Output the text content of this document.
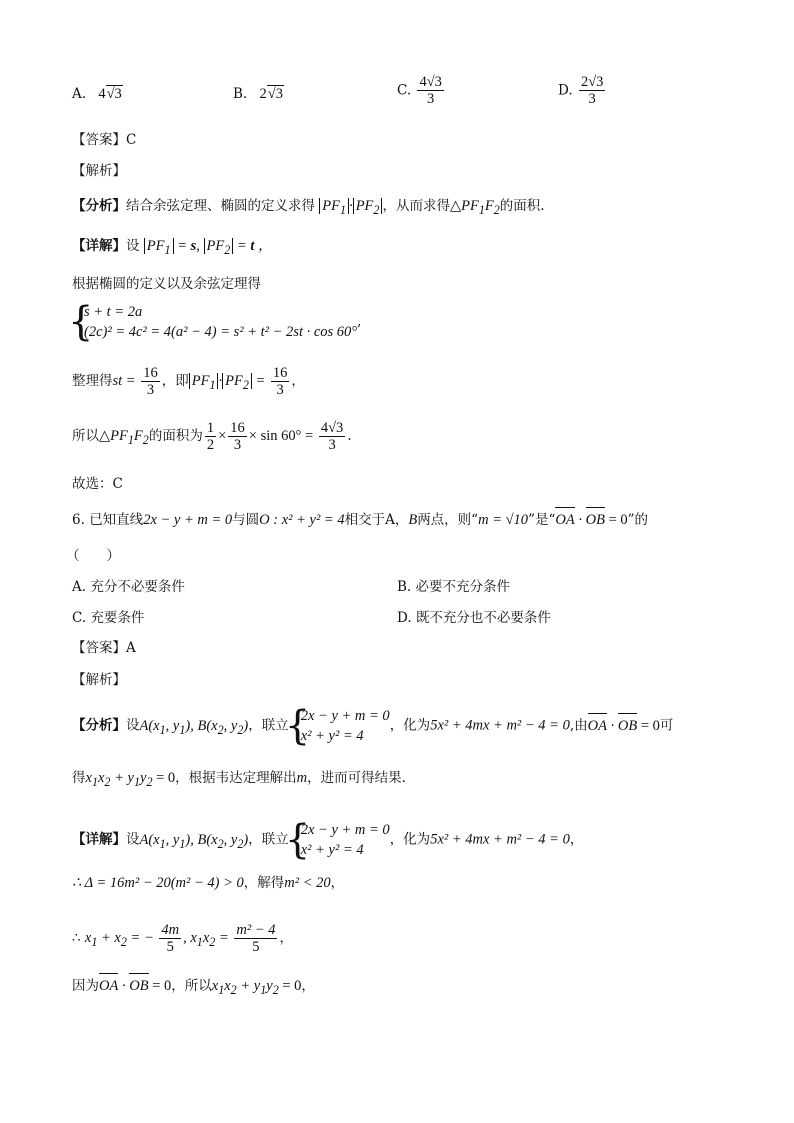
A. 4√3	B. 2√3	C. $\frac{4√3}{3}$	D. $\frac{2√3}{3}$
【答案】C
【解析】
【分析】结合余弦定理、椭圆的定义求得 $PF_1 \cdot PF_2$ ，从而求得$\triangle PF_1F_2$的面积.
【详解】设 $PF_1 = s$, $PF_2 = t$ ，
根据椭圆的定义以及余弦定理得
{
s + t = 2a
(2c)² = 4c² = 4(a² − 4) = s² + t² − 2st · cos 60°
,
整理得st = $\frac{16}{3}$ ，即 $PF_1 \cdot PF_2 = \frac{16}{3}$ ，
所以$\triangle PF_1F_2$的面积为 $\frac{1}{2} \times \frac{16}{3} \times \sin 60^\circ = \frac{4√3}{3}$ .
故选：C
6. 已知直线2x − y + m = 0与圆O : x² + y² = 4相交于A，B两点，则“m = √10”是“OA · OB = 0”的
（　　）
A. 充分不必要条件	B. 必要不充分条件
C. 充要条件	D. 既不充分也不必要条件
【答案】A
【解析】
【分析】设$A(x_1$, $y_1$), $B(x_2$, $y_2$)，联立
{
2x − y + m = 0
x² + y² = 4
，化为5x² + 4mx + m² − 4 = 0,由OA · OB = 0可
得$x_1x_2 + y_1y_2 = 0$，根据韦达定理解出m，进而可得结果.
【详解】设$A(x_1$, $y_1$), $B(x_2$, $y_2$)，联立
{
2x − y + m = 0
x² + y² = 4
，化为5x² + 4mx + m² − 4 = 0，
∴ Δ = 16m² − 20(m² − 4) > 0，解得m² < 20，
∴ $x_1 + x_2$ = − $\frac{4m}{5}$ , $x_1x_2 = \frac{\text{m² − 4}}{5}$ ，
因为OA · OB = 0，所以$x_1x_2 + y_1y_2 = 0$，
